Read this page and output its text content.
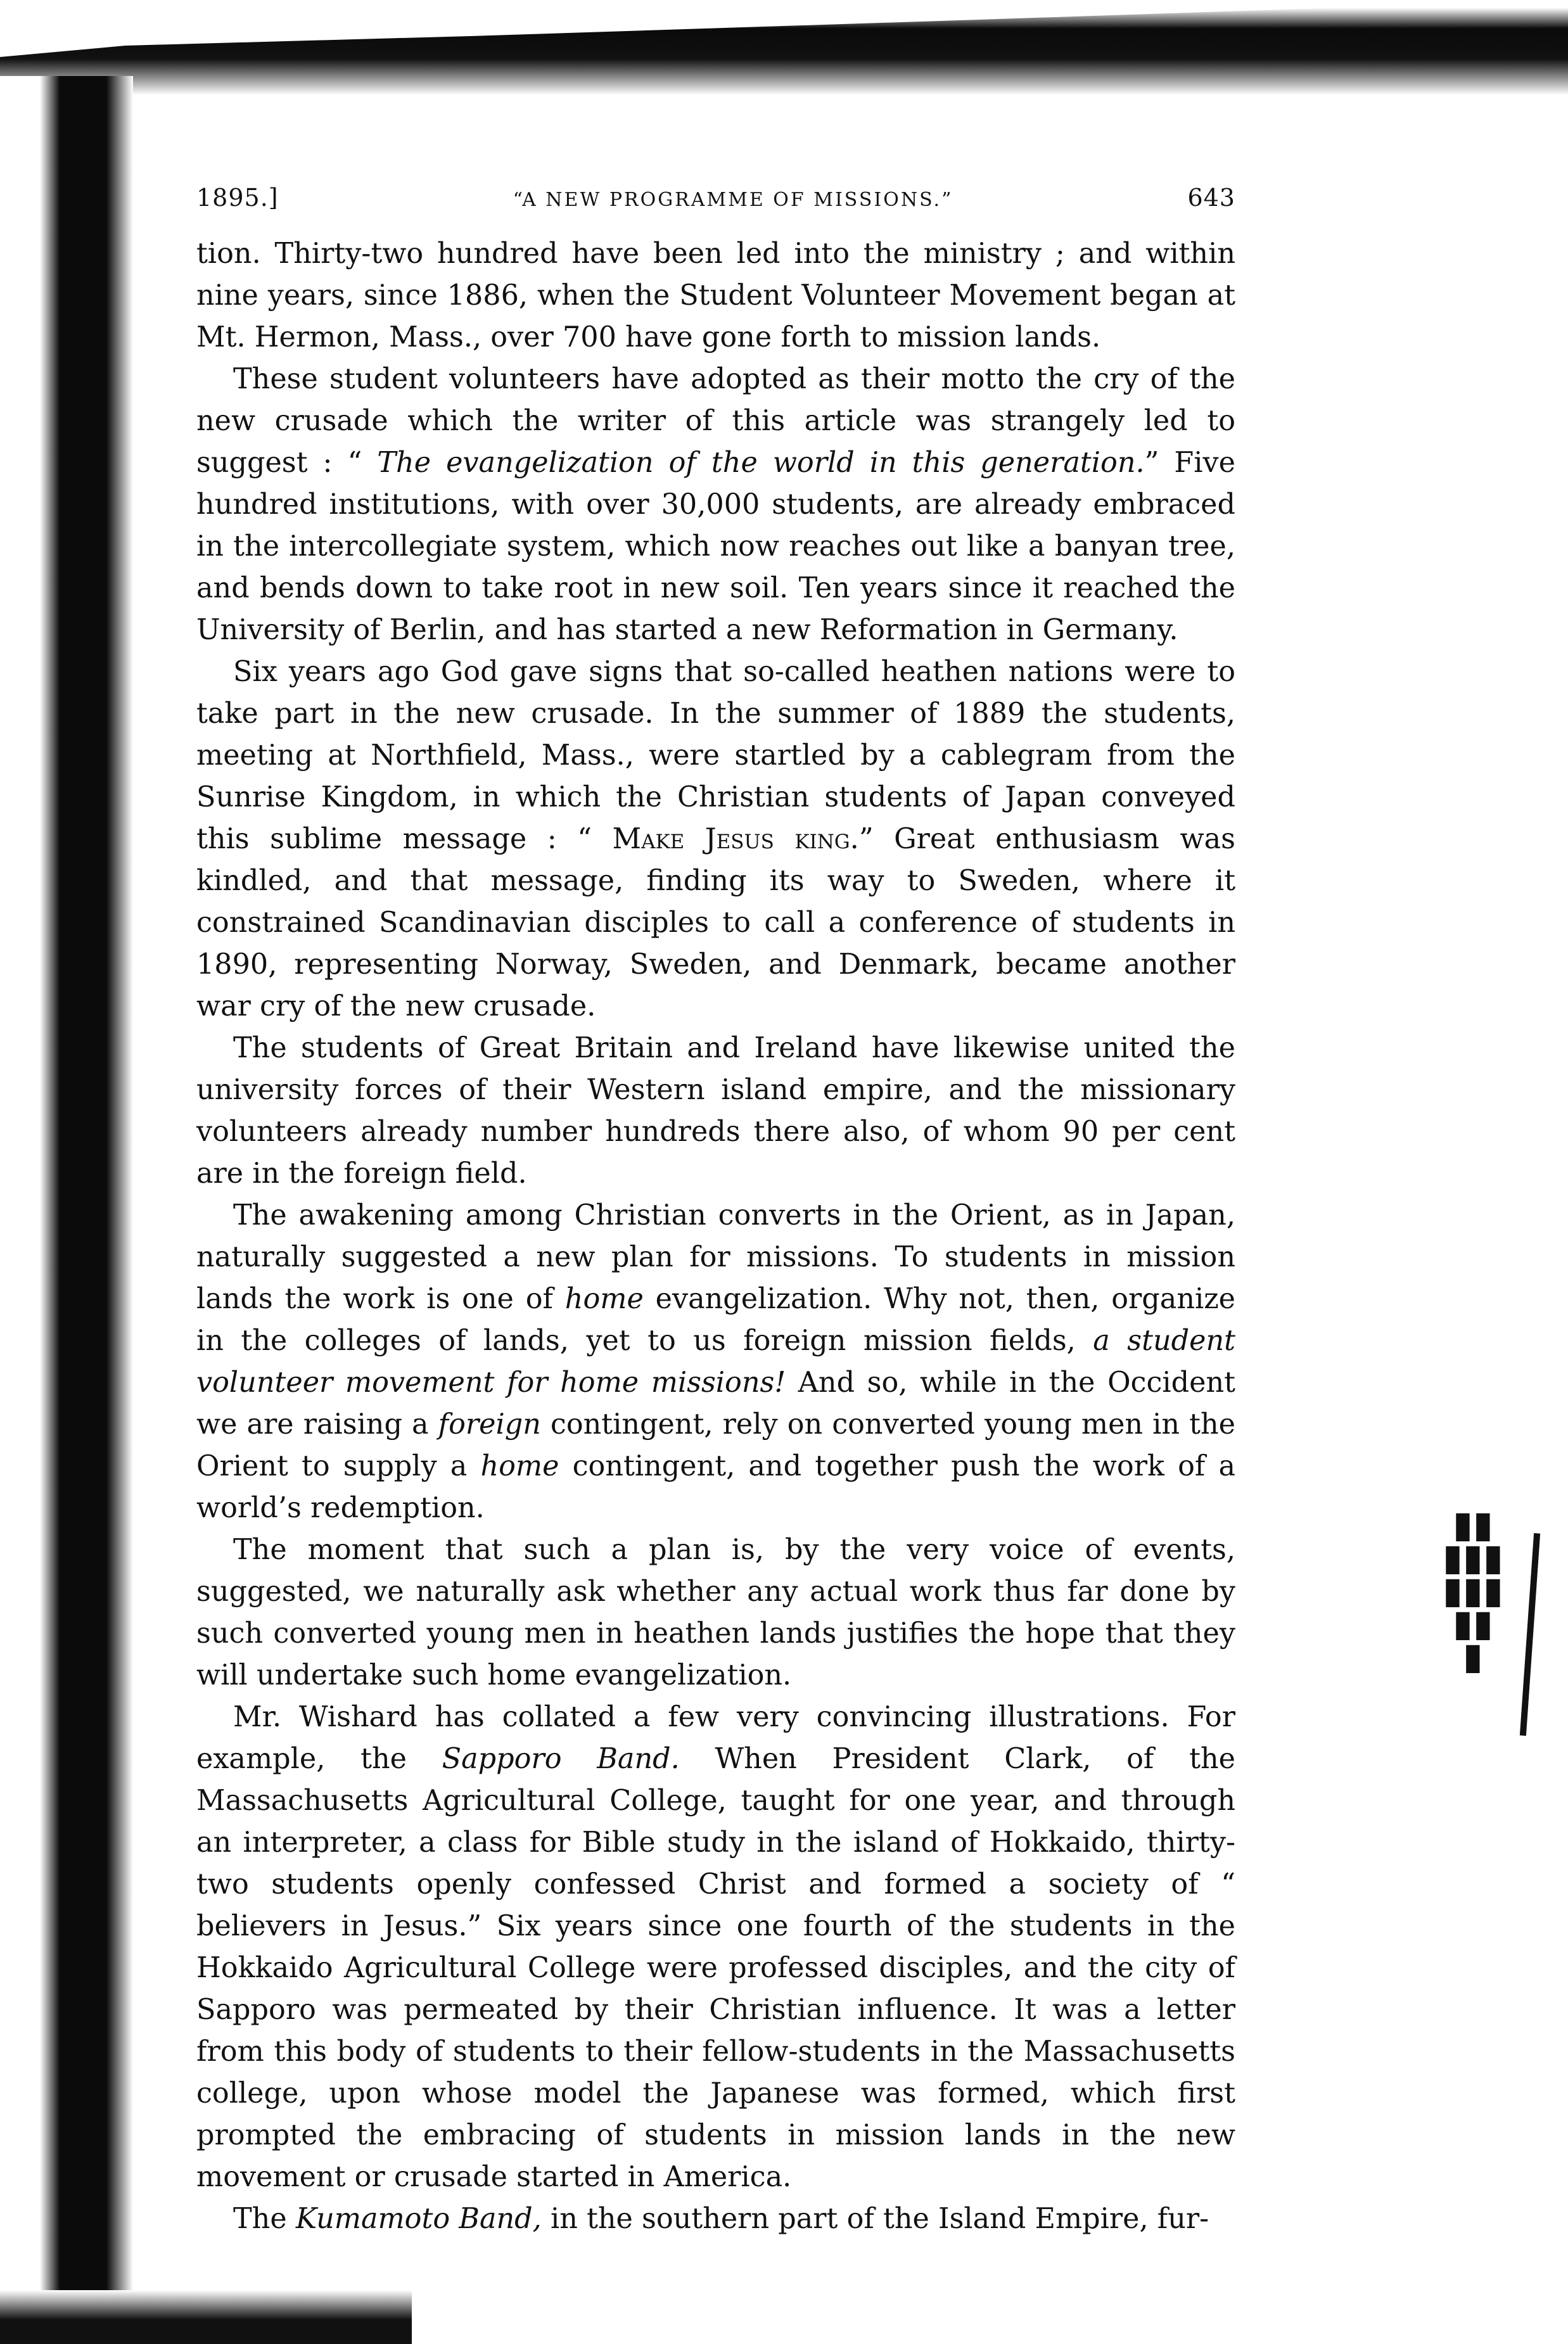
▮▮ ▮▮▮ ▮▮▮ ▮▮ ▮
1895.]	“A NEW PROGRAMME OF MISSIONS.”	643

tion. Thirty-two hundred have been led into the ministry ; and within nine years, since 1886, when the Student Volunteer Movement began at Mt. Hermon, Mass., over 700 have gone forth to mission lands.

These student volunteers have adopted as their motto the cry of the new crusade which the writer of this article was strangely led to suggest : “ The evangelization of the world in this generation.” Five hundred institutions, with over 30,000 students, are already embraced in the intercollegiate system, which now reaches out like a banyan tree, and bends down to take root in new soil. Ten years since it reached the University of Berlin, and has started a new Reformation in Germany.

Six years ago God gave signs that so-called heathen nations were to take part in the new crusade. In the summer of 1889 the students, meeting at Northfield, Mass., were startled by a cablegram from the Sunrise Kingdom, in which the Christian students of Japan conveyed this sublime message : “ Make Jesus king.” Great enthusiasm was kindled, and that message, finding its way to Sweden, where it constrained Scandinavian disciples to call a conference of students in 1890, representing Norway, Sweden, and Denmark, became another war cry of the new crusade.

The students of Great Britain and Ireland have likewise united the university forces of their Western island empire, and the missionary volunteers already number hundreds there also, of whom 90 per cent are in the foreign field.

The awakening among Christian converts in the Orient, as in Japan, naturally suggested a new plan for missions. To students in mission lands the work is one of home evangelization. Why not, then, organize in the colleges of lands, yet to us foreign mission fields, a student volunteer movement for home missions! And so, while in the Occident we are raising a foreign contingent, rely on converted young men in the Orient to supply a home contingent, and together push the work of a world’s redemption.

The moment that such a plan is, by the very voice of events, suggested, we naturally ask whether any actual work thus far done by such converted young men in heathen lands justifies the hope that they will undertake such home evangelization.

Mr. Wishard has collated a few very convincing illustrations. For example, the Sapporo Band. When President Clark, of the Massachusetts Agricultural College, taught for one year, and through an interpreter, a class for Bible study in the island of Hokkaido, thirty-two students openly confessed Christ and formed a society of “ believers in Jesus.” Six years since one fourth of the students in the Hokkaido Agricultural College were professed disciples, and the city of Sapporo was permeated by their Christian influence. It was a letter from this body of students to their fellow-students in the Massachusetts college, upon whose model the Japanese was formed, which first prompted the embracing of students in mission lands in the new movement or crusade started in America.

The Kumamoto Band, in the southern part of the Island Empire, fur-
